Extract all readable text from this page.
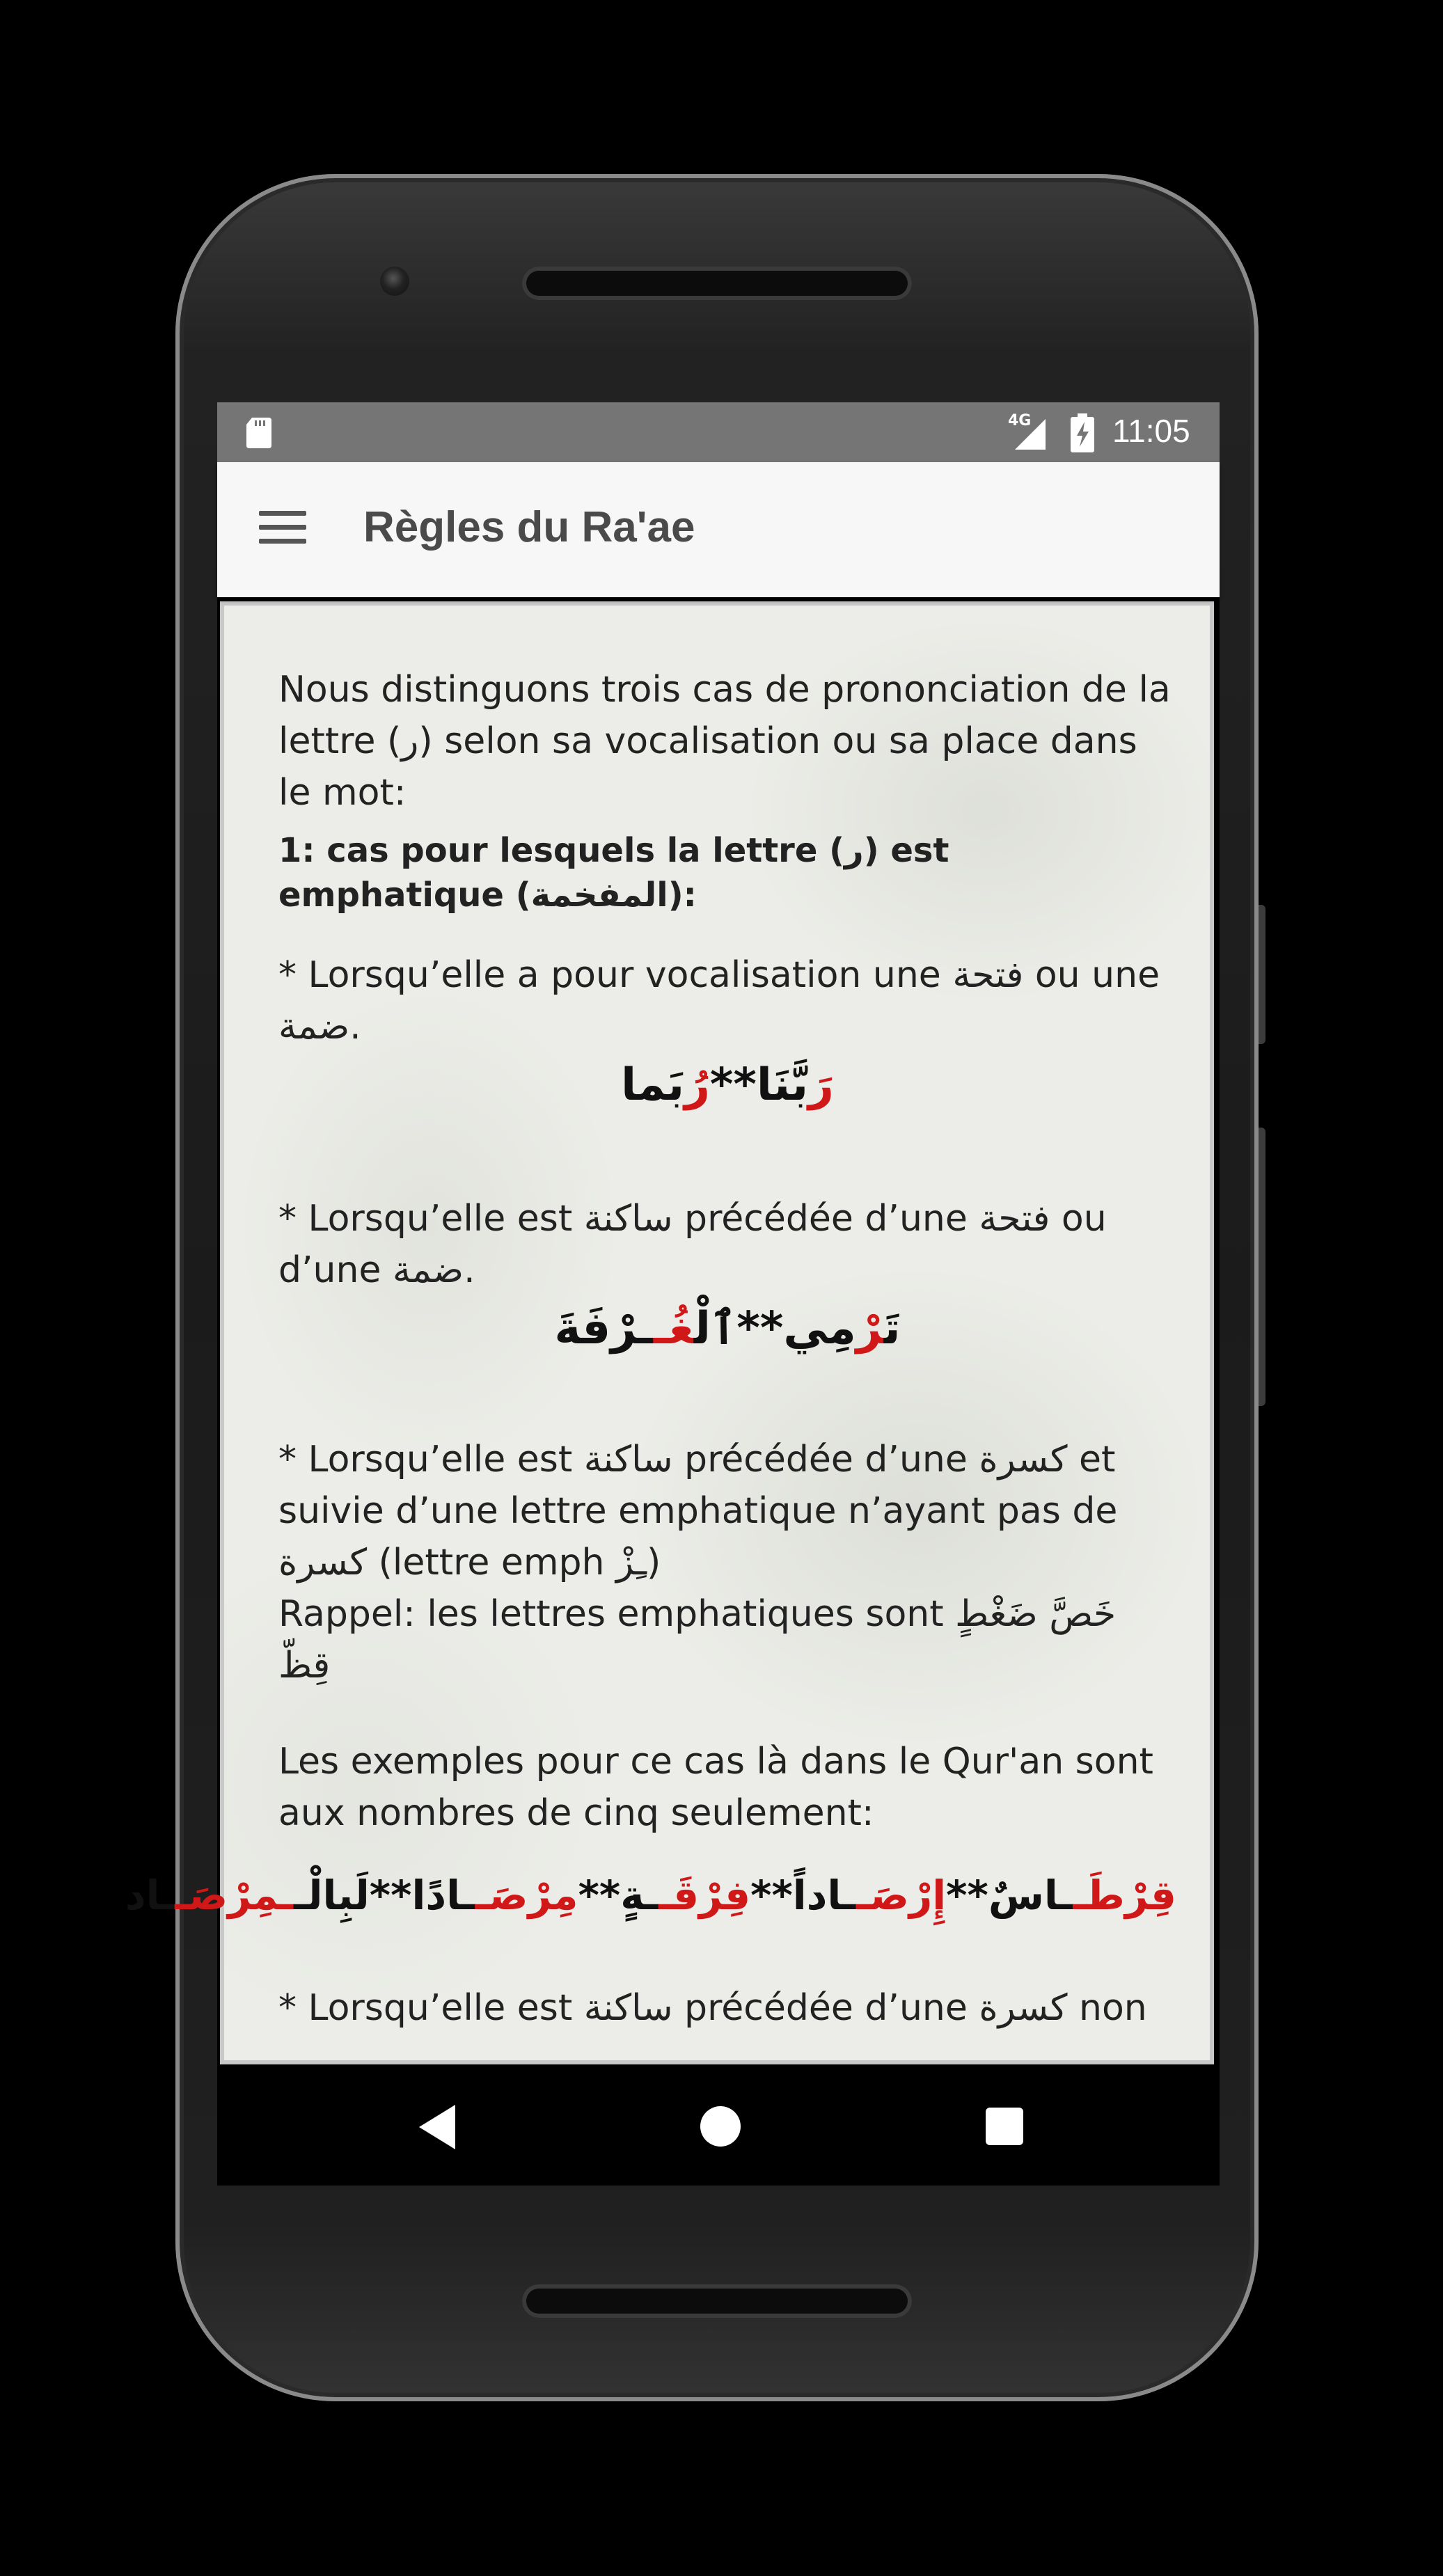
4G	11:05
Règles du Ra'ae
Nous distinguons trois cas de prononciation de la lettre (ر) selon sa vocalisation ou sa place dans le mot:
1: cas pour lesquels la lettre (ر) est emphatique (المفخمة):
* Lorsqu’elle a pour vocalisation une فتحة ou une ضمة.
رَبَّنَا**رُبَما
* Lorsqu’elle est ساكنة précédée d’une فتحة ou d’une ضمة.
تَرْمِي**ٱلْغُــرْفَةَ
* Lorsqu’elle est ساكنة précédée d’une كسرة et suivie d’une lettre emphatique n’ayant pas de كسرة (lettre emph ـِزْ)
Rappel: les lettres emphatiques sont خَصَّ ضَغْطٍ قِظّ
Les exemples pour ce cas là dans le Qur'an sont aux nombres de cinq seulement:
قِرْطَــاسٌ**إِرْصَــاداً**فِرْقَــةٍ**مِرْصَــادًا**لَبِالْــمِرْصَــاد
* Lorsqu’elle est ساكنة précédée d’une كسرة non
